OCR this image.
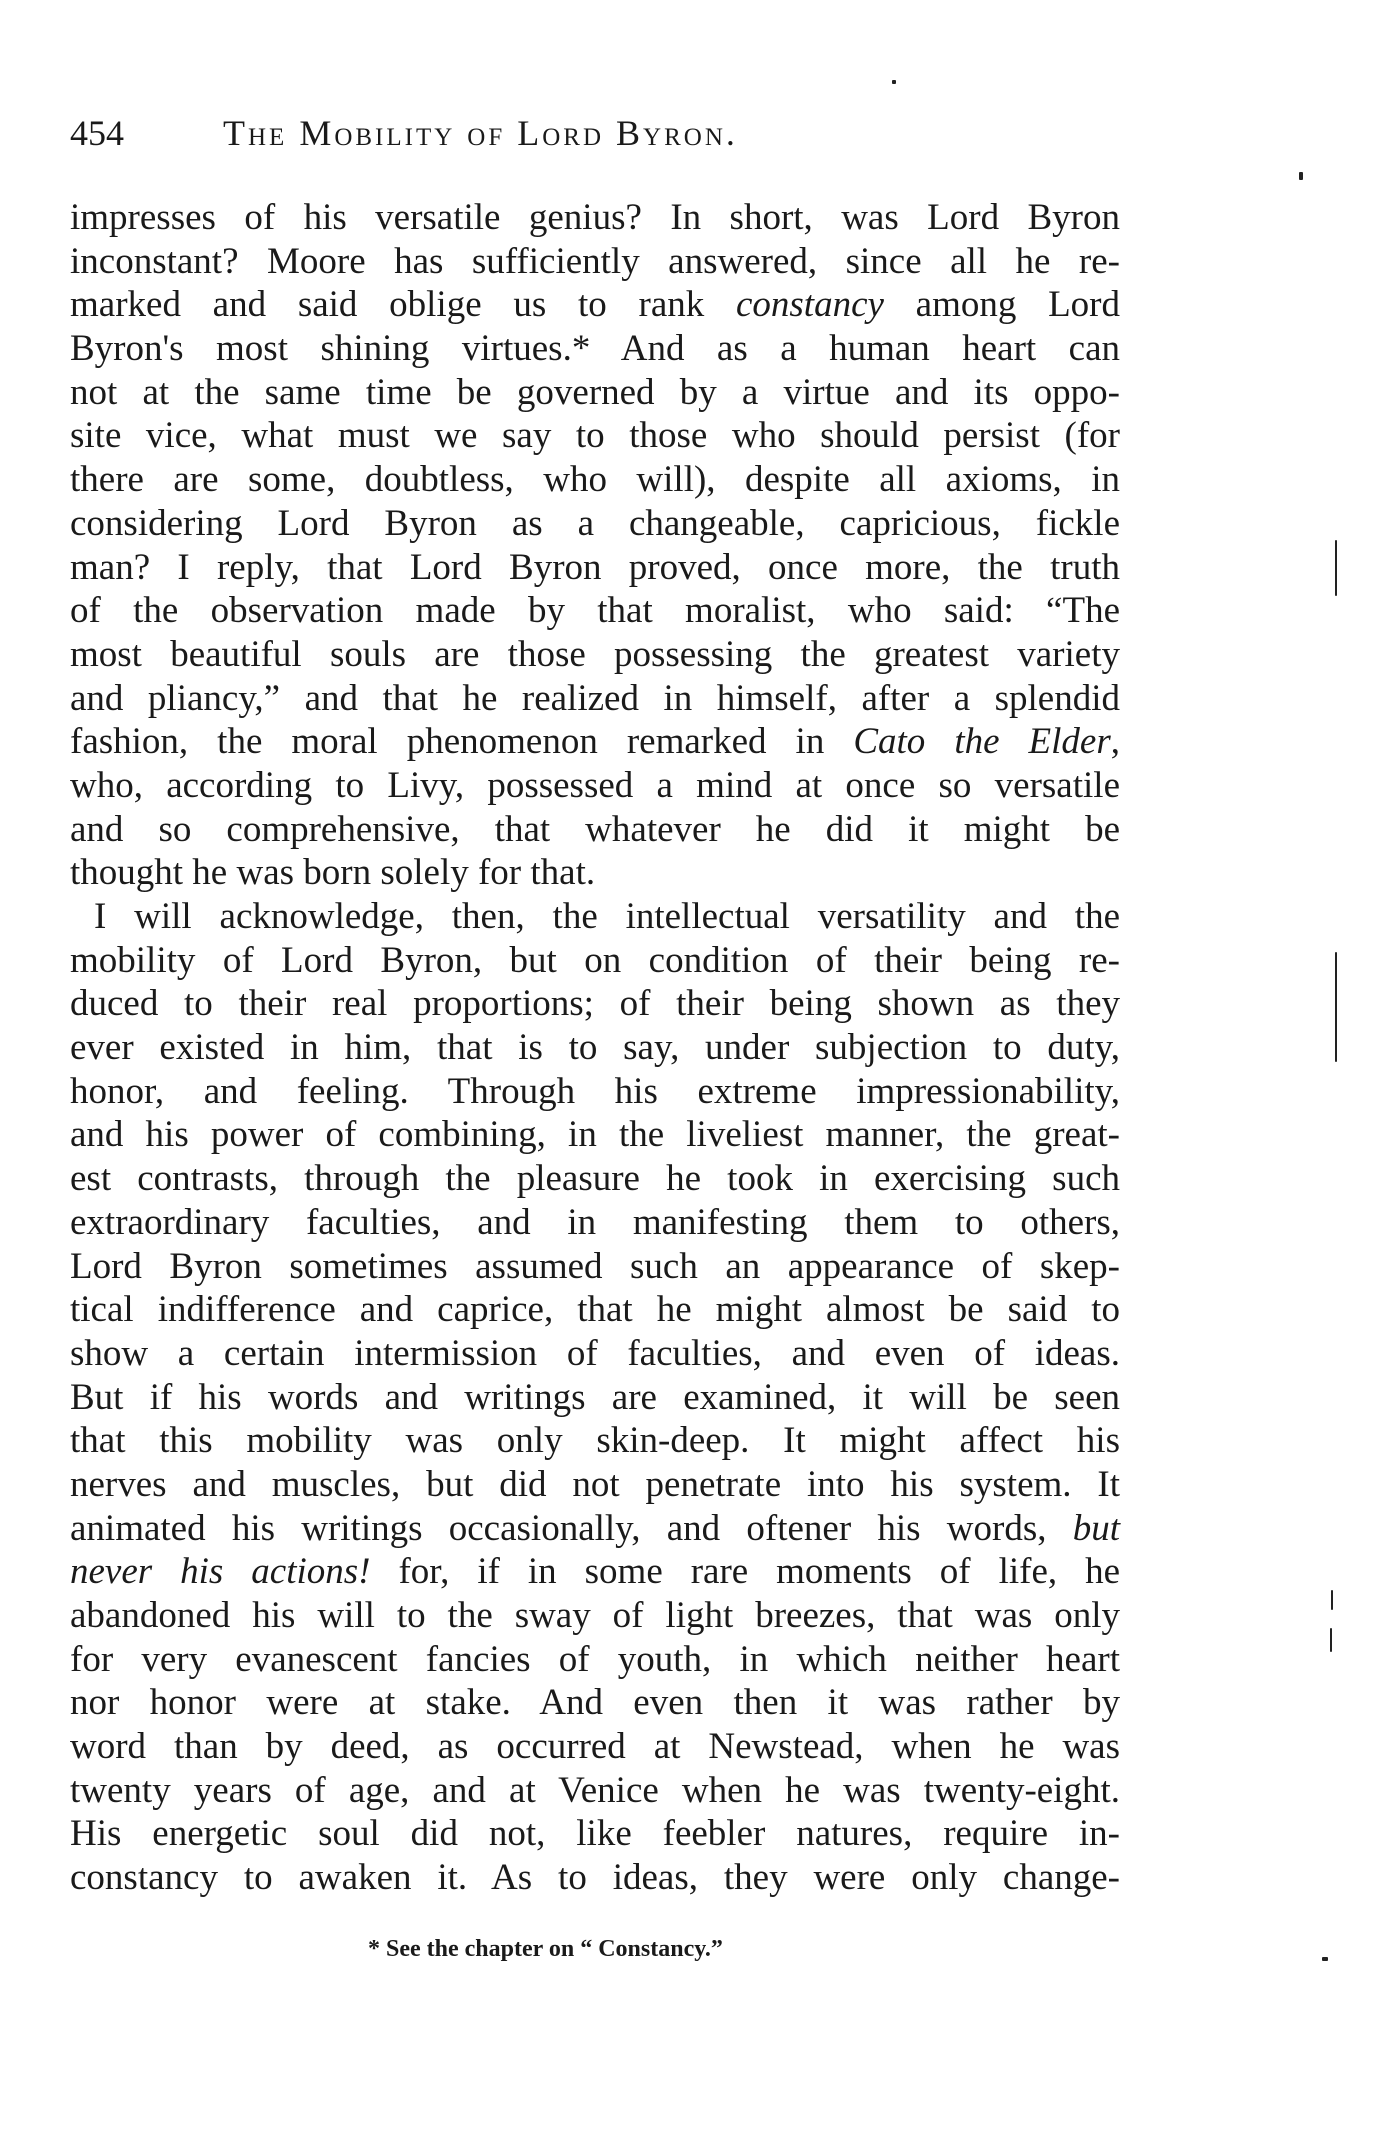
454	The Mobility of Lord Byron.
impresses of his versatile genius? In short, was Lord Byron
inconstant? Moore has sufficiently answered, since all he re-
marked and said oblige us to rank constancy among Lord
Byron's most shining virtues.* And as a human heart can
not at the same time be governed by a virtue and its oppo-
site vice, what must we say to those who should persist (for
there are some, doubtless, who will), despite all axioms, in
considering Lord Byron as a changeable, capricious, fickle
man? I reply, that Lord Byron proved, once more, the truth
of the observation made by that moralist, who said: “The
most beautiful souls are those possessing the greatest variety
and pliancy,” and that he realized in himself, after a splendid
fashion, the moral phenomenon remarked in Cato the Elder,
who, according to Livy, possessed a mind at once so versatile
and so comprehensive, that whatever he did it might be
thought he was born solely for that.
I will acknowledge, then, the intellectual versatility and the
mobility of Lord Byron, but on condition of their being re-
duced to their real proportions; of their being shown as they
ever existed in him, that is to say, under subjection to duty,
honor, and feeling. Through his extreme impressionability,
and his power of combining, in the liveliest manner, the great-
est contrasts, through the pleasure he took in exercising such
extraordinary faculties, and in manifesting them to others,
Lord Byron sometimes assumed such an appearance of skep-
tical indifference and caprice, that he might almost be said to
show a certain intermission of faculties, and even of ideas.
But if his words and writings are examined, it will be seen
that this mobility was only skin-deep. It might affect his
nerves and muscles, but did not penetrate into his system. It
animated his writings occasionally, and oftener his words, but
never his actions! for, if in some rare moments of life, he
abandoned his will to the sway of light breezes, that was only
for very evanescent fancies of youth, in which neither heart
nor honor were at stake. And even then it was rather by
word than by deed, as occurred at Newstead, when he was
twenty years of age, and at Venice when he was twenty-eight.
His energetic soul did not, like feebler natures, require in-
constancy to awaken it. As to ideas, they were only change-
* See the chapter on “ Constancy.”
